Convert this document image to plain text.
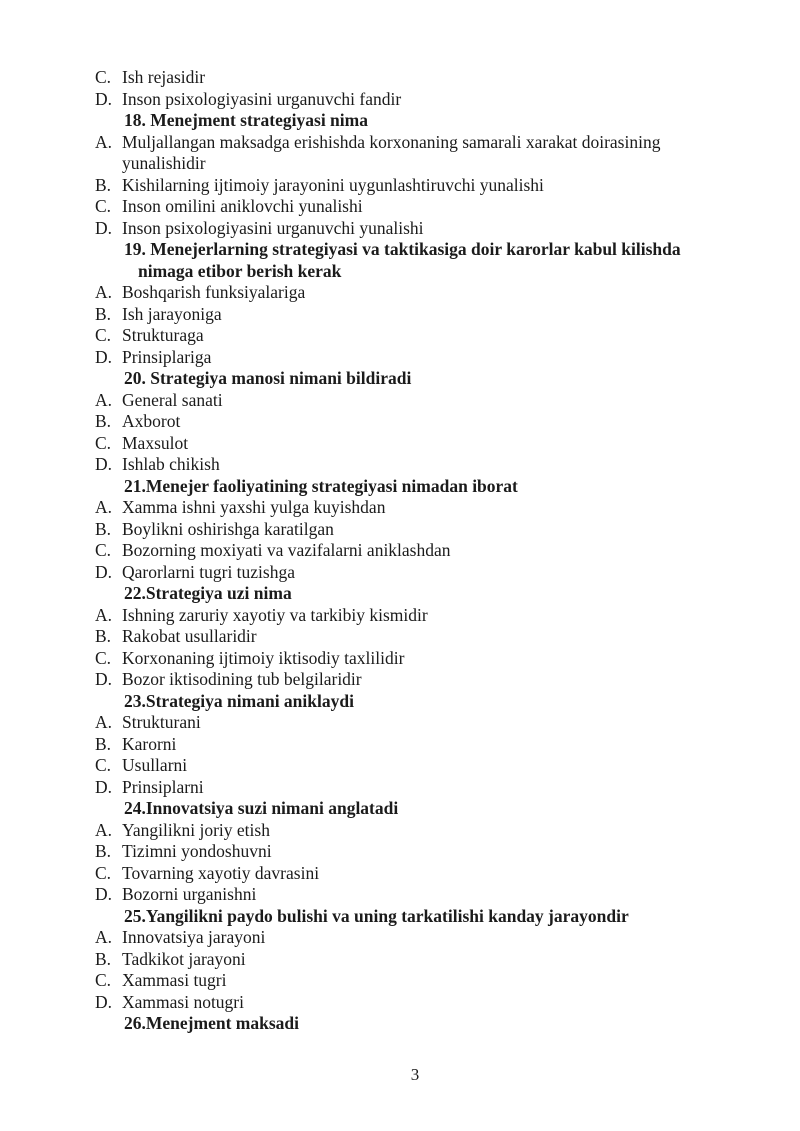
C. Ish rejasidir
D. Inson psixologiyasini urganuvchi fandir

18. Menejment strategiyasi nima

A. Muljallangan maksadga erishishda korxonaning samarali xarakat doirasining yunalishidir
B. Kishilarning ijtimoiy jarayonini uygunlashtiruvchi yunalishi
C. Inson omilini aniklovchi yunalishi
D. Inson psixologiyasini urganuvchi yunalishi

19. Menejerlarning strategiyasi va taktikasiga doir karorlar kabul kilishda nimaga etibor berish kerak

A. Boshqarish funksiyalariga
B. Ish jarayoniga
C. Strukturaga
D. Prinsiplariga

20. Strategiya manosi nimani bildiradi

A. General sanati
B. Axborot
C. Maxsulot
D. Ishlab chikish

21.Menejer faoliyatining strategiyasi nimadan iborat

A. Xamma ishni yaxshi yulga kuyishdan
B. Boylikni oshirishga karatilgan
C. Bozorning moxiyati va vazifalarni aniklashdan
D. Qarorlarni tugri tuzishga

22.Strategiya uzi nima

A. Ishning zaruriy xayotiy va tarkibiy kismidir
B. Rakobat usullaridir
C. Korxonaning ijtimoiy iktisodiy taxlilidir
D. Bozor iktisodining tub belgilaridir

23.Strategiya nimani aniklaydi

A. Strukturani
B. Karorni
C. Usullarni
D. Prinsiplarni

24.Innovatsiya suzi nimani anglatadi

A. Yangilikni joriy etish
B. Tizimni yondoshuvni
C. Tovarning xayotiy davrasini
D. Bozorni urganishni

25.Yangilikni paydo bulishi va uning tarkatilishi kanday jarayondir

A. Innovatsiya jarayoni
B. Tadkikot jarayoni
C. Xammasi tugri
D. Xammasi notugri

26.Menejment maksadi

3
